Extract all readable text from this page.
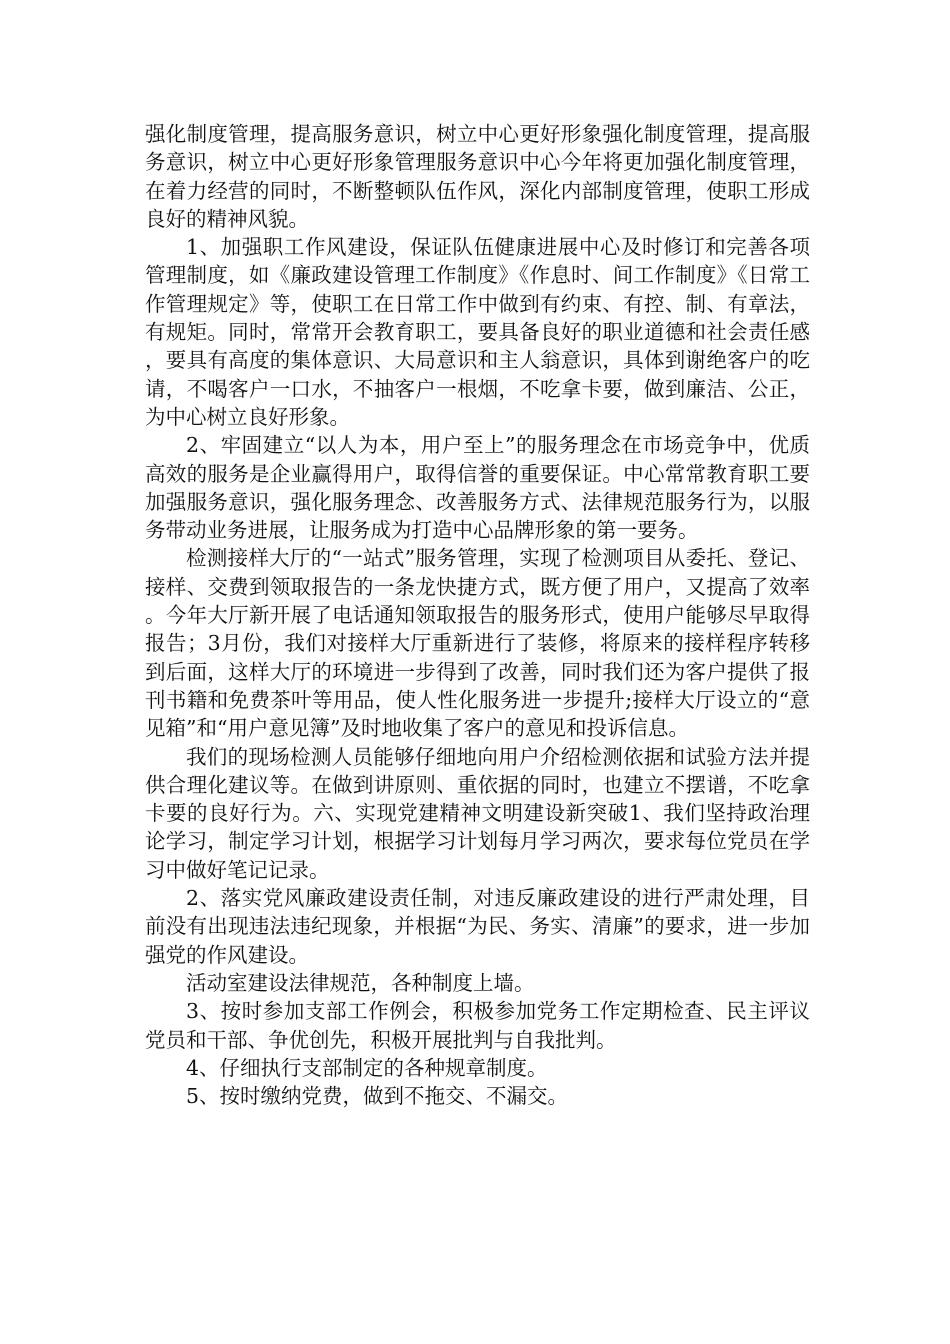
强化制度管理，提高服务意识，树立中心更好形象强化制度管理，提高服务意识，树立中心更好形象管理服务意识中心今年将更加强化制度管理，在着力经营的同时，不断整顿队伍作风，深化内部制度管理，使职工形成良好的精神风貌。

1、加强职工作风建设，保证队伍健康进展中心及时修订和完善各项管理制度，如《廉政建设管理工作制度》《作息时、间工作制度》《日常工作管理规定》等，使职工在日常工作中做到有约束、有控、制、有章法，有规矩。同时，常常开会教育职工，要具备良好的职业道德和社会责任感，要具有高度的集体意识、大局意识和主人翁意识，具体到谢绝客户的吃请，不喝客户一口水，不抽客户一根烟，不吃拿卡要，做到廉洁、公正，为中心树立良好形象。

2、牢固建立“以人为本，用户至上”的服务理念在市场竞争中，优质高效的服务是企业赢得用户，取得信誉的重要保证。中心常常教育职工要加强服务意识，强化服务理念、改善服务方式、法律规范服务行为，以服务带动业务进展，让服务成为打造中心品牌形象的第一要务。

检测接样大厅的“一站式”服务管理，实现了检测项目从委托、登记、接样、交费到领取报告的一条龙快捷方式，既方便了用户，又提高了效率。今年大厅新开展了电话通知领取报告的服务形式，使用户能够尽早取得报告；3月份，我们对接样大厅重新进行了装修，将原来的接样程序转移到后面，这样大厅的环境进一步得到了改善，同时我们还为客户提供了报刊书籍和免费茶叶等用品，使人性化服务进一步提升;接样大厅设立的“意见箱”和“用户意见簿”及时地收集了客户的意见和投诉信息。

我们的现场检测人员能够仔细地向用户介绍检测依据和试验方法并提供合理化建议等。在做到讲原则、重依据的同时，也建立不摆谱，不吃拿卡要的良好行为。六、实现党建精神文明建设新突破1、我们坚持政治理论学习，制定学习计划，根据学习计划每月学习两次，要求每位党员在学习中做好笔记记录。

2、落实党风廉政建设责任制，对违反廉政建设的进行严肃处理，目前没有出现违法违纪现象，并根据“为民、务实、清廉”的要求，进一步加强党的作风建设。

活动室建设法律规范，各种制度上墙。

3、按时参加支部工作例会，积极参加党务工作定期检查、民主评议党员和干部、争优创先，积极开展批判与自我批判。

4、仔细执行支部制定的各种规章制度。

5、按时缴纳党费，做到不拖交、不漏交。
